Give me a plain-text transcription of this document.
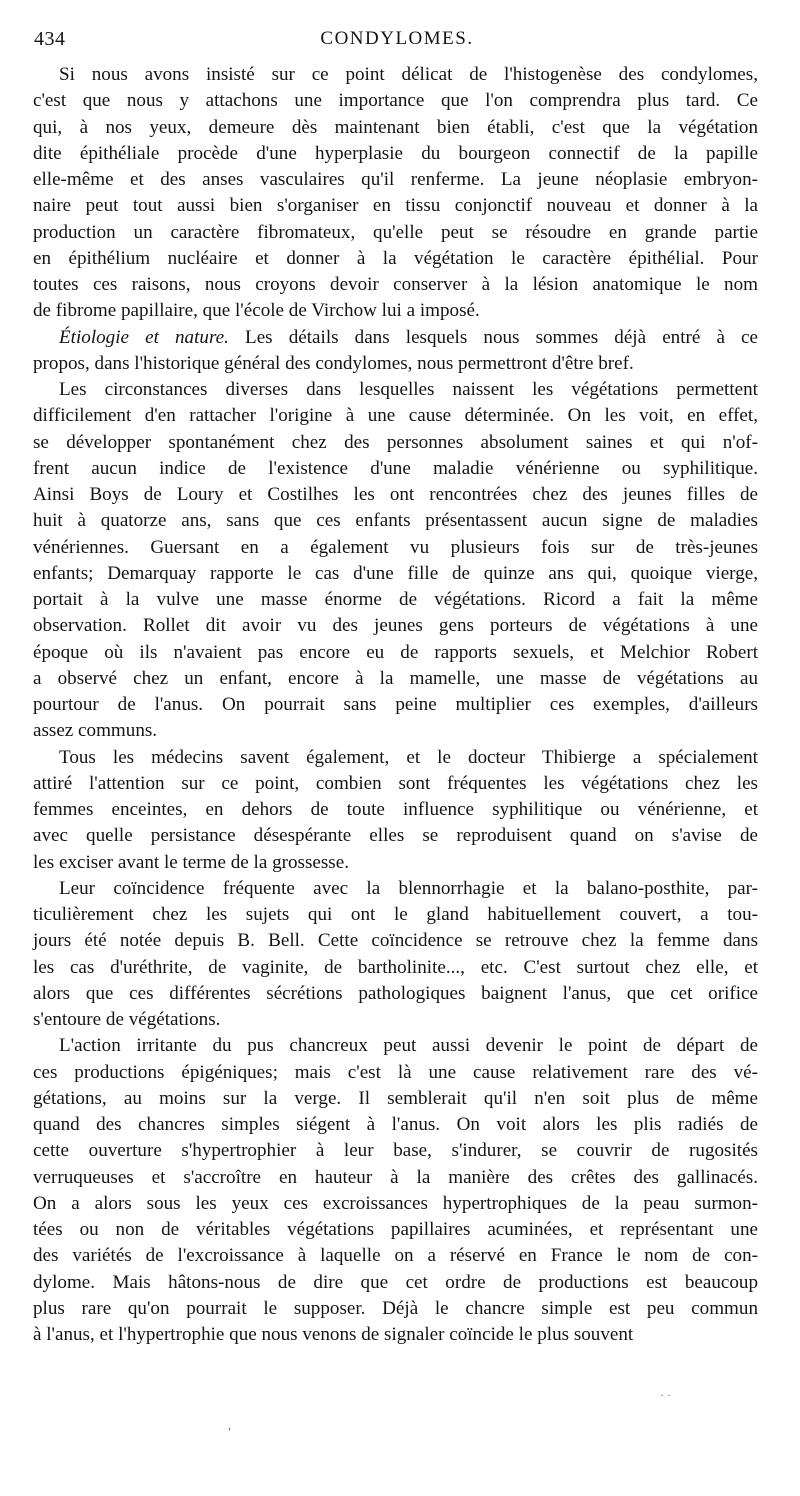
434	CONDYLOMES.
Si nous avons insisté sur ce point délicat de l'histogenèse des condylomes,
c'est que nous y attachons une importance que l'on comprendra plus tard. Ce
qui, à nos yeux, demeure dès maintenant bien établi, c'est que la végétation
dite épithéliale procède d'une hyperplasie du bourgeon connectif de la papille
elle-même et des anses vasculaires qu'il renferme. La jeune néoplasie embryon-
naire peut tout aussi bien s'organiser en tissu conjonctif nouveau et donner à la
production un caractère fibromateux, qu'elle peut se résoudre en grande partie
en épithélium nucléaire et donner à la végétation le caractère épithélial. Pour
toutes ces raisons, nous croyons devoir conserver à la lésion anatomique le nom
de fibrome papillaire, que l'école de Virchow lui a imposé.
Étiologie et nature. Les détails dans lesquels nous sommes déjà entré à ce
propos, dans l'historique général des condylomes, nous permettront d'être bref.
Les circonstances diverses dans lesquelles naissent les végétations permettent
difficilement d'en rattacher l'origine à une cause déterminée. On les voit, en effet,
se développer spontanément chez des personnes absolument saines et qui n'of-
frent aucun indice de l'existence d'une maladie vénérienne ou syphilitique.
Ainsi Boys de Loury et Costilhes les ont rencontrées chez des jeunes filles de
huit à quatorze ans, sans que ces enfants présentassent aucun signe de maladies
vénériennes. Guersant en a également vu plusieurs fois sur de très-jeunes
enfants; Demarquay rapporte le cas d'une fille de quinze ans qui, quoique vierge,
portait à la vulve une masse énorme de végétations. Ricord a fait la même
observation. Rollet dit avoir vu des jeunes gens porteurs de végétations à une
époque où ils n'avaient pas encore eu de rapports sexuels, et Melchior Robert
a observé chez un enfant, encore à la mamelle, une masse de végétations au
pourtour de l'anus. On pourrait sans peine multiplier ces exemples, d'ailleurs
assez communs.
Tous les médecins savent également, et le docteur Thibierge a spécialement
attiré l'attention sur ce point, combien sont fréquentes les végétations chez les
femmes enceintes, en dehors de toute influence syphilitique ou vénérienne, et
avec quelle persistance désespérante elles se reproduisent quand on s'avise de
les exciser avant le terme de la grossesse.
Leur coïncidence fréquente avec la blennorrhagie et la balano-posthite, par-
ticulièrement chez les sujets qui ont le gland habituellement couvert, a tou-
jours été notée depuis B. Bell. Cette coïncidence se retrouve chez la femme dans
les cas d'uréthrite, de vaginite, de bartholinite..., etc. C'est surtout chez elle, et
alors que ces différentes sécrétions pathologiques baignent l'anus, que cet orifice
s'entoure de végétations.
L'action irritante du pus chancreux peut aussi devenir le point de départ de
ces productions épigéniques; mais c'est là une cause relativement rare des vé-
gétations, au moins sur la verge. Il semblerait qu'il n'en soit plus de même
quand des chancres simples siégent à l'anus. On voit alors les plis radiés de
cette ouverture s'hypertrophier à leur base, s'indurer, se couvrir de rugosités
verruqueuses et s'accroître en hauteur à la manière des crêtes des gallinacés.
On a alors sous les yeux ces excroissances hypertrophiques de la peau surmon-
tées ou non de véritables végétations papillaires acuminées, et représentant une
des variétés de l'excroissance à laquelle on a réservé en France le nom de con-
dylome. Mais hâtons-nous de dire que cet ordre de productions est beaucoup
plus rare qu'on pourrait le supposer. Déjà le chancre simple est peu commun
à l'anus, et l'hypertrophie que nous venons de signaler coïncide le plus souvent
· ·
,
